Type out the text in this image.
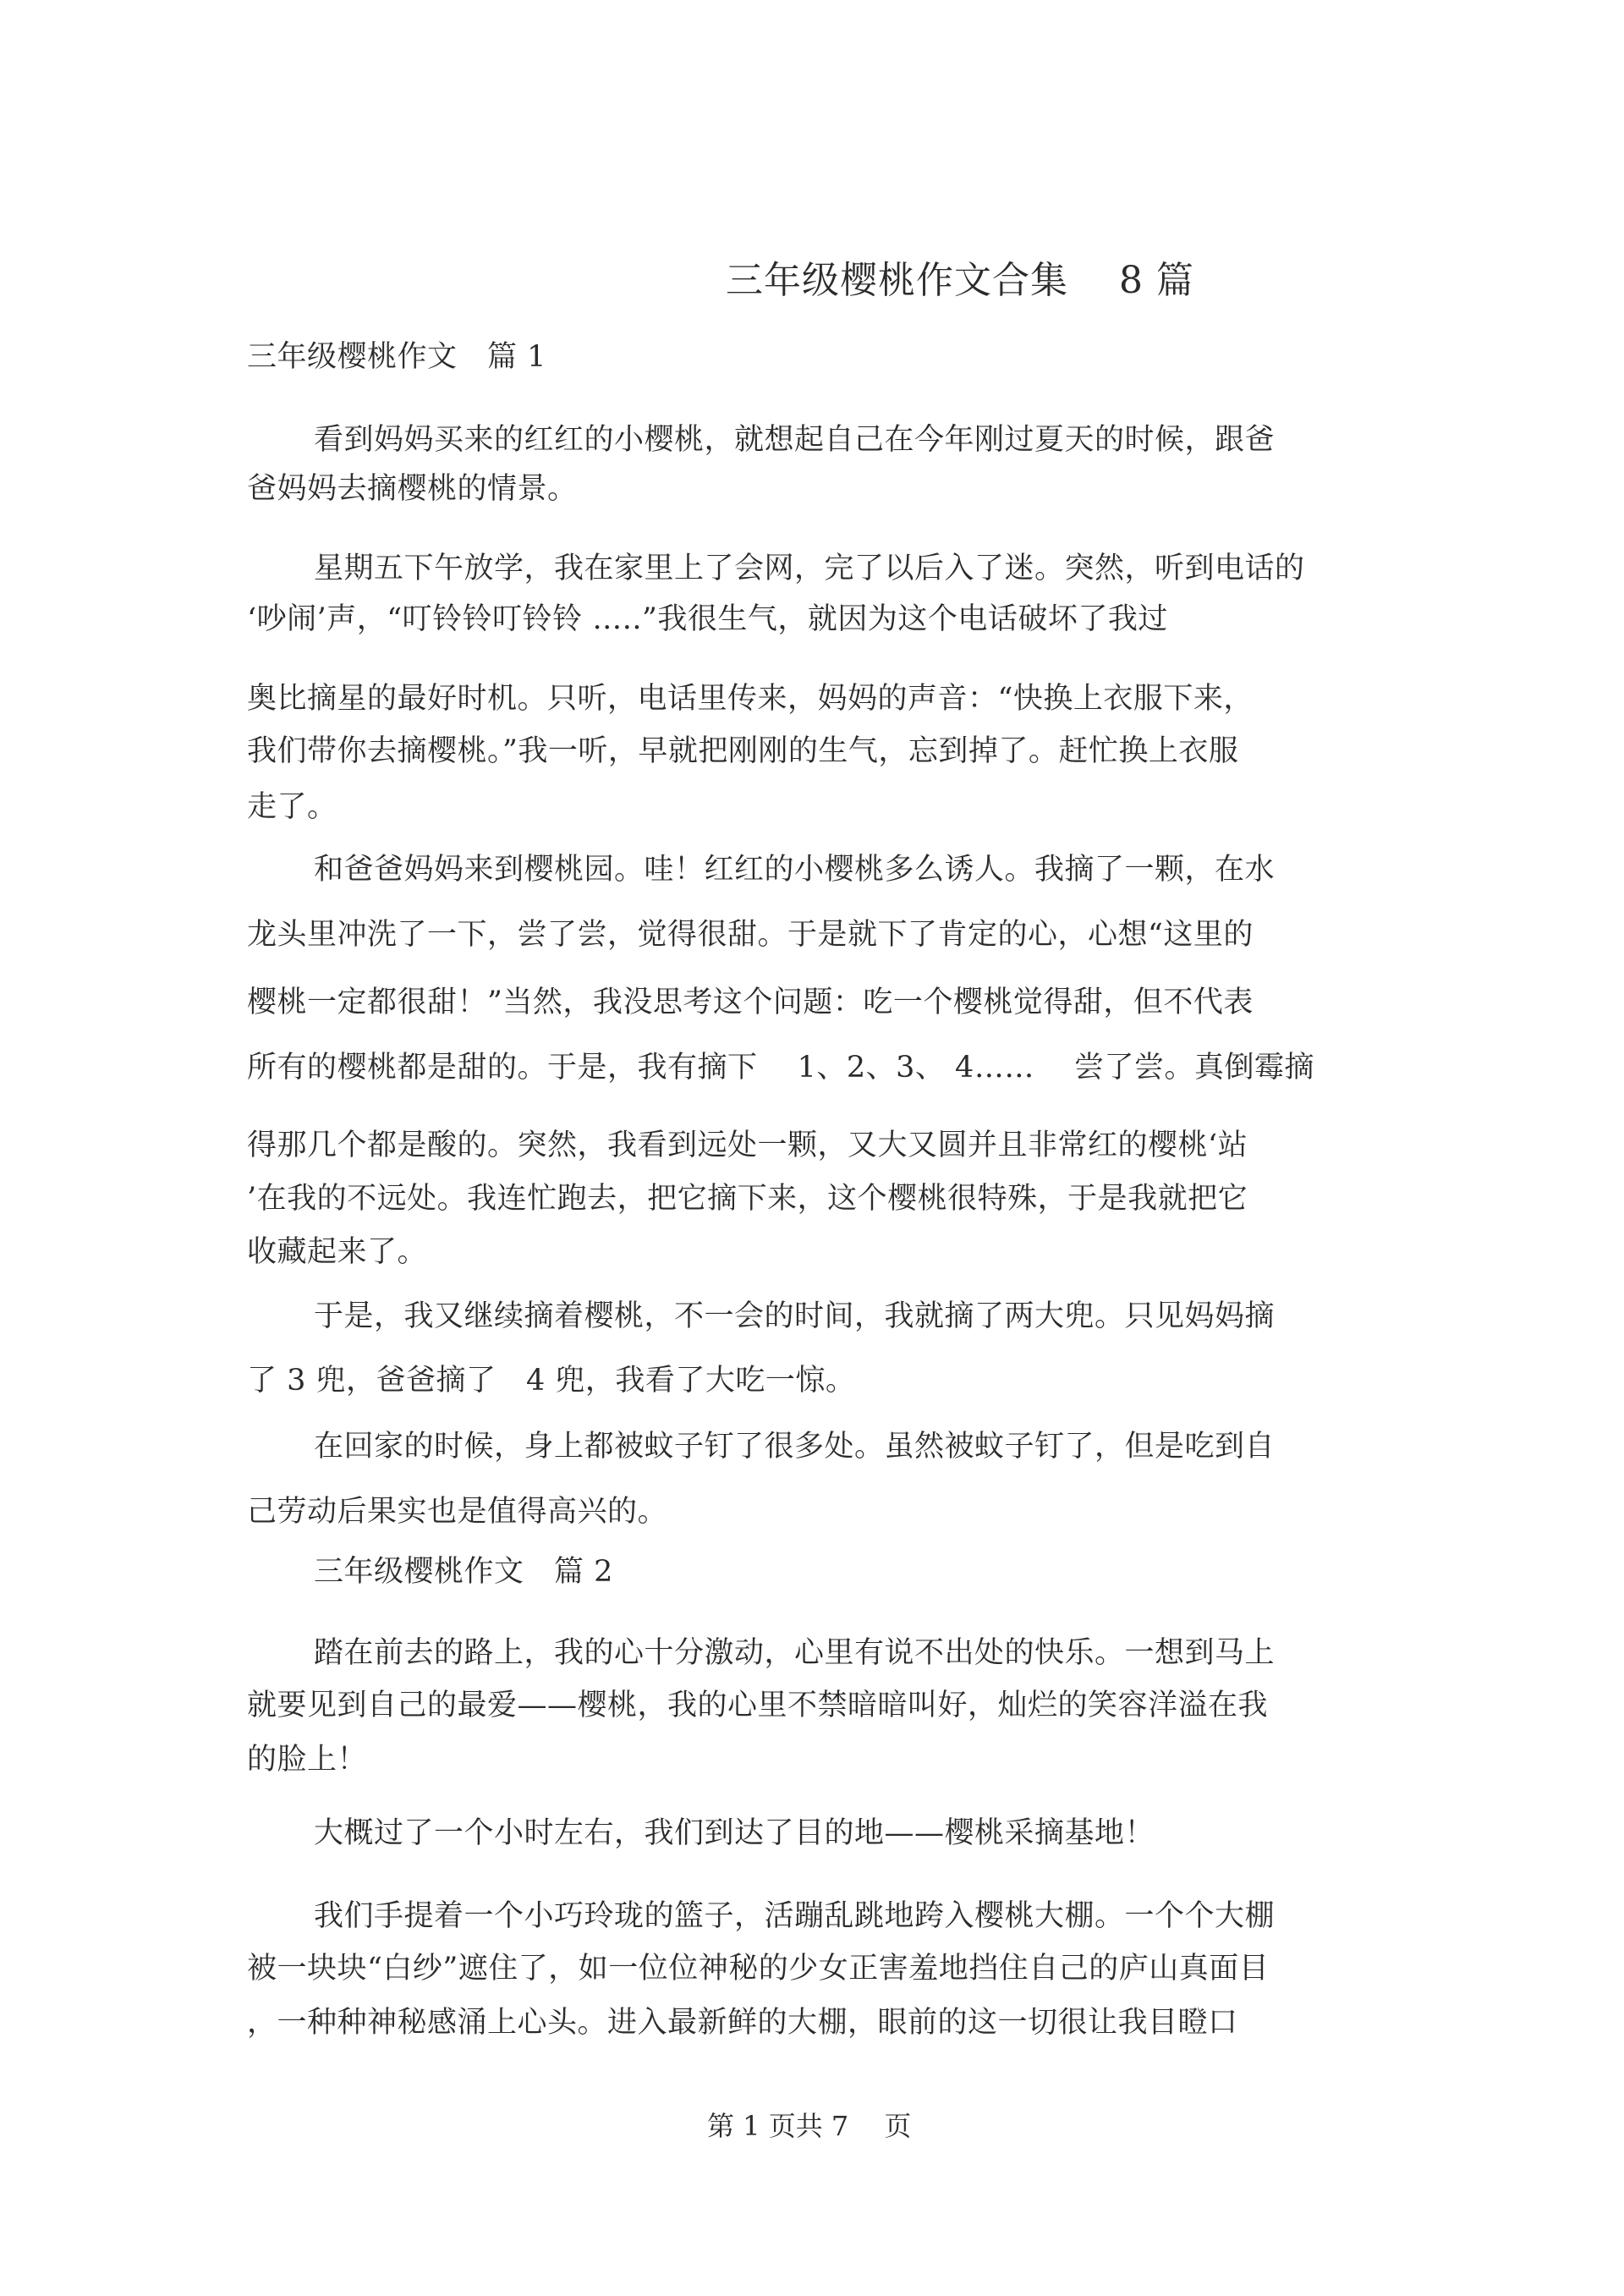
三年级樱桃作文合集　 8 篇
三年级樱桃作文　篇 1
看到妈妈买来的红红的小樱桃，就想起自己在今年刚过夏天的时候，跟爸
爸妈妈去摘樱桃的情景。
星期五下午放学，我在家里上了会网，完了以后入了迷。突然，听到电话的
‘吵闹’声，“叮铃铃叮铃铃 …..”我很生气，就因为这个电话破坏了我过
奥比摘星的最好时机。只听，电话里传来，妈妈的声音：“快换上衣服下来，
我们带你去摘樱桃。”我一听，早就把刚刚的生气，忘到掉了。赶忙换上衣服
走了。
和爸爸妈妈来到樱桃园。哇！红红的小樱桃多么诱人。我摘了一颗，在水
龙头里冲洗了一下，尝了尝，觉得很甜。于是就下了肯定的心，心想“这里的
樱桃一定都很甜！”当然，我没思考这个问题：吃一个樱桃觉得甜，但不代表
所有的樱桃都是甜的。于是，我有摘下　 1、2、3、 4……　 尝了尝。真倒霉摘
得那几个都是酸的。突然，我看到远处一颗，又大又圆并且非常红的樱桃‘站
’在我的不远处。我连忙跑去，把它摘下来，这个樱桃很特殊，于是我就把它
收藏起来了。
于是，我又继续摘着樱桃，不一会的时间，我就摘了两大兜。只见妈妈摘
了 3 兜，爸爸摘了　4 兜，我看了大吃一惊。
在回家的时候，身上都被蚊子钉了很多处。虽然被蚊子钉了，但是吃到自
己劳动后果实也是值得高兴的。
三年级樱桃作文　篇 2
踏在前去的路上，我的心十分激动，心里有说不出处的快乐。一想到马上
就要见到自己的最爱——樱桃，我的心里不禁暗暗叫好，灿烂的笑容洋溢在我
的脸上！
大概过了一个小时左右，我们到达了目的地——樱桃采摘基地！
我们手提着一个小巧玲珑的篮子，活蹦乱跳地跨入樱桃大棚。一个个大棚
被一块块“白纱”遮住了，如一位位神秘的少女正害羞地挡住自己的庐山真面目
，一种种神秘感涌上心头。进入最新鲜的大棚，眼前的这一切很让我目瞪口
第 1 页共 7　 页
